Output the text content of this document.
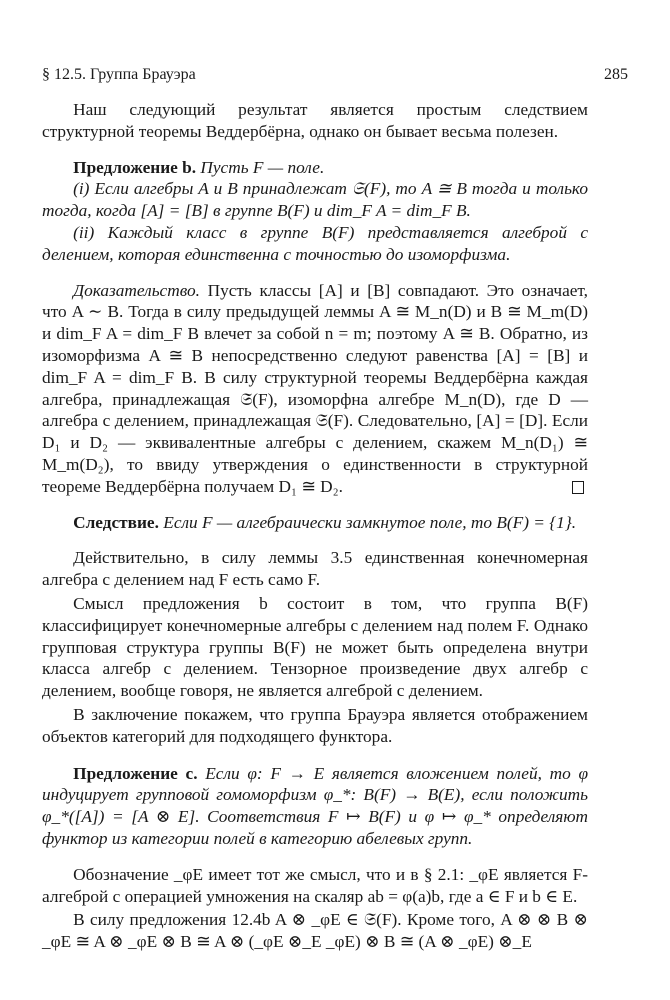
§ 12.5. Группа Брауэра	285

Наш следующий результат является простым следствием структурной теоремы Веддербёрна, однако он бывает весьма полезен.

Предложение b. Пусть F — поле.

(i) Если алгебры A и B принадлежат 𝔖(F), то A ≅ B тогда и только тогда, когда [A] = [B] в группе B(F) и dim_F A = dim_F B.

(ii) Каждый класс в группе B(F) представляется алгеброй с делением, которая единственна с точностью до изоморфизма.

Доказательство. Пусть классы [A] и [B] совпадают. Это означает, что A ∼ B. Тогда в силу предыдущей леммы A ≅ M_n(D) и B ≅ M_m(D) и dim_F A = dim_F B влечет за собой n = m; поэтому A ≅ B. Обратно, из изоморфизма A ≅ B непосредственно следуют равенства [A] = [B] и dim_F A = dim_F B. В силу структурной теоремы Веддербёрна каждая алгебра, принадлежащая 𝔖(F), изоморфна алгебре M_n(D), где D — алгебра с делением, принадлежащая 𝔖(F). Следовательно, [A] = [D]. Если D₁ и D₂ — эквивалентные алгебры с делением, скажем M_n(D₁) ≅ M_m(D₂), то ввиду утверждения о единственности в структурной теореме Веддербёрна получаем D₁ ≅ D₂.

Следствие. Если F — алгебраически замкнутое поле, то B(F) = {1}.

Действительно, в силу леммы 3.5 единственная конечномерная алгебра с делением над F есть само F.

Смысл предложения b состоит в том, что группа B(F) классифицирует конечномерные алгебры с делением над полем F. Однако групповая структура группы B(F) не может быть определена внутри класса алгебр с делением. Тензорное произведение двух алгебр с делением, вообще говоря, не является алгеброй с делением.

В заключение покажем, что группа Брауэра является отображением объектов категорий для подходящего функтора.

Предложение c. Если φ: F → E является вложением полей, то φ индуцирует групповой гомоморфизм φ_*: B(F) → B(E), если положить φ_*([A]) = [A ⊗ E]. Соответствия F ↦ B(F) и φ ↦ φ_* определяют функтор из категории полей в категорию абелевых групп.

Обозначение _φE имеет тот же смысл, что и в § 2.1: _φE является F-алгеброй с операцией умножения на скаляр ab = φ(a)b, где a ∈ F и b ∈ E.

В силу предложения 12.4b A ⊗ _φE ∈ 𝔖(F). Кроме того, A ⊗ ⊗ B ⊗ _φE ≅ A ⊗ _φE ⊗ B ≅ A ⊗ (_φE ⊗_E _φE) ⊗ B ≅ (A ⊗ _φE) ⊗_E
